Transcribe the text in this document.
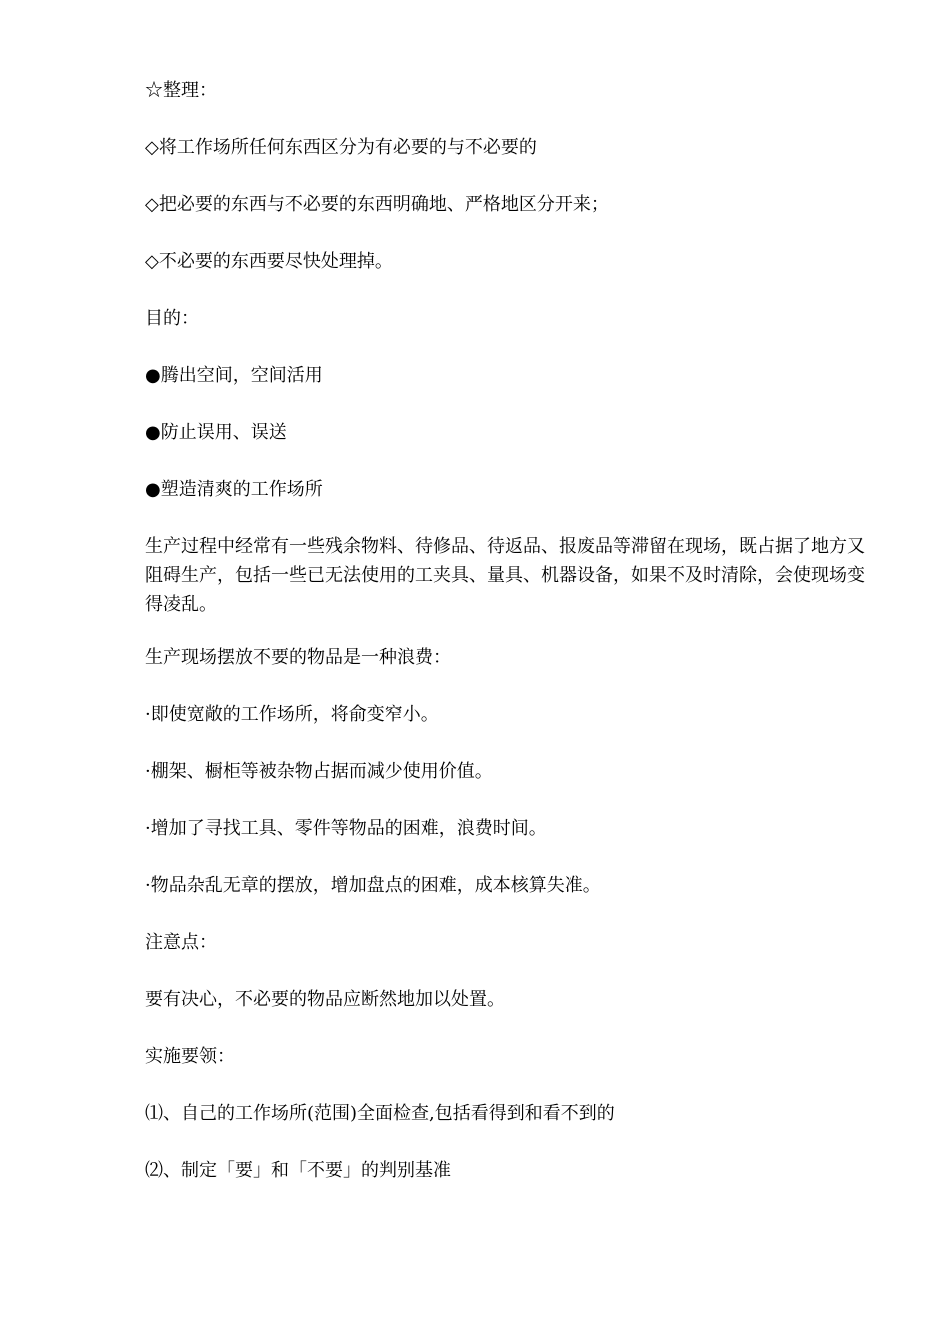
☆整理：

◇将工作场所任何东西区分为有必要的与不必要的

◇把必要的东西与不必要的东西明确地、严格地区分开来；

◇不必要的东西要尽快处理掉。

目的：

●腾出空间，空间活用

●防止误用、误送

●塑造清爽的工作场所

生产过程中经常有一些残余物料、待修品、待返品、报废品等滞留在现场，既占据了地方又阻碍生产，包括一些已无法使用的工夹具、量具、机器设备，如果不及时清除，会使现场变得凌乱。

生产现场摆放不要的物品是一种浪费：

·即使宽敞的工作场所，将俞变窄小。

·棚架、橱柜等被杂物占据而减少使用价值。

·增加了寻找工具、零件等物品的困难，浪费时间。

·物品杂乱无章的摆放，增加盘点的困难，成本核算失准。

注意点：

要有决心，不必要的物品应断然地加以处置。

实施要领：

⑴、自己的工作场所(范围)全面检查,包括看得到和看不到的

⑵、制定「要」和「不要」的判别基准
